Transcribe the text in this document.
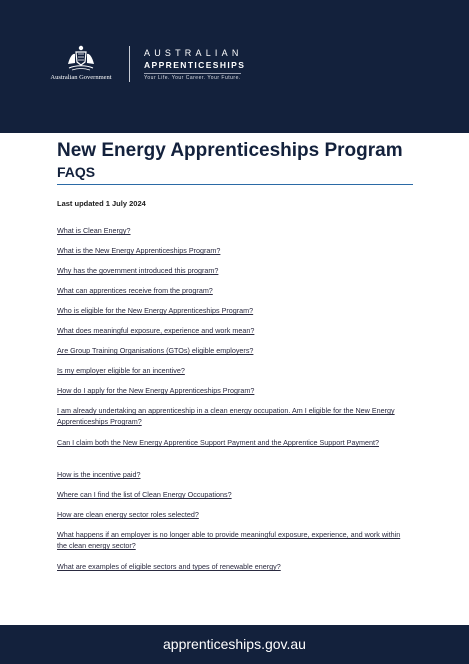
Australian Government
AUSTRALIAN
APPRENTICESHIPS
Your Life. Your Career. Your Future.
New Energy Apprenticeships Program
FAQS
Last updated 1 July 2024
What is Clean Energy?
What is the New Energy Apprenticeships Program?
Why has the government introduced this program?
What can apprentices receive from the program?
Who is eligible for the New Energy Apprenticeships Program?
What does meaningful exposure, experience and work mean?
Are Group Training Organisations (GTOs) eligible employers?
Is my employer eligible for an incentive?
How do I apply for the New Energy Apprenticeships Program?
I am already undertaking an apprenticeship in a clean energy occupation. Am I eligible for the New Energy Apprenticeships Program?
Can I claim both the New Energy Apprentice Support Payment and the Apprentice Support Payment?
How is the incentive paid?
Where can I find the list of Clean Energy Occupations?
How are clean energy sector roles selected?
What happens if an employer is no longer able to provide meaningful exposure, experience, and work within the clean energy sector?
What are examples of eligible sectors and types of renewable energy?
apprenticeships.gov.au
